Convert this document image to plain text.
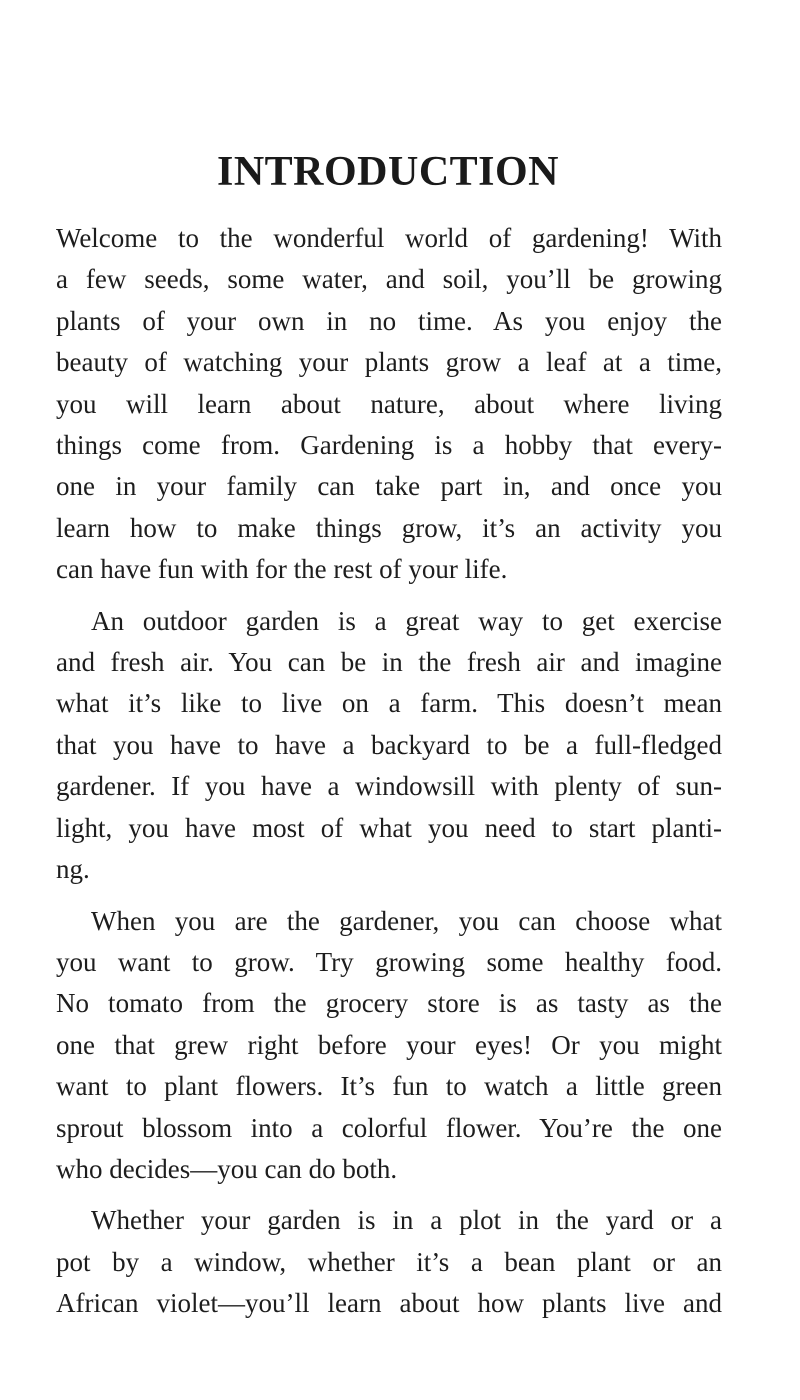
INTRODUCTION

Welcome to the wonderful world of gardening! With
a few seeds, some water, and soil, you’ll be growing
plants of your own in no time. As you enjoy the
beauty of watching your plants grow a leaf at a time,
you will learn about nature, about where living
things come from. Gardening is a hobby that every-
one in your family can take part in, and once you
learn how to make things grow, it’s an activity you
can have fun with for the rest of your life.

An outdoor garden is a great way to get exercise
and fresh air. You can be in the fresh air and imagine
what it’s like to live on a farm. This doesn’t mean
that you have to have a backyard to be a full-fledged
gardener. If you have a windowsill with plenty of sun-
light, you have most of what you need to start planti-
ng.

When you are the gardener, you can choose what
you want to grow. Try growing some healthy food.
No tomato from the grocery store is as tasty as the
one that grew right before your eyes! Or you might
want to plant flowers. It’s fun to watch a little green
sprout blossom into a colorful flower. You’re the one
who decides—you can do both.

Whether your garden is in a plot in the yard or a
pot by a window, whether it’s a bean plant or an
African violet—you’ll learn about how plants live and
